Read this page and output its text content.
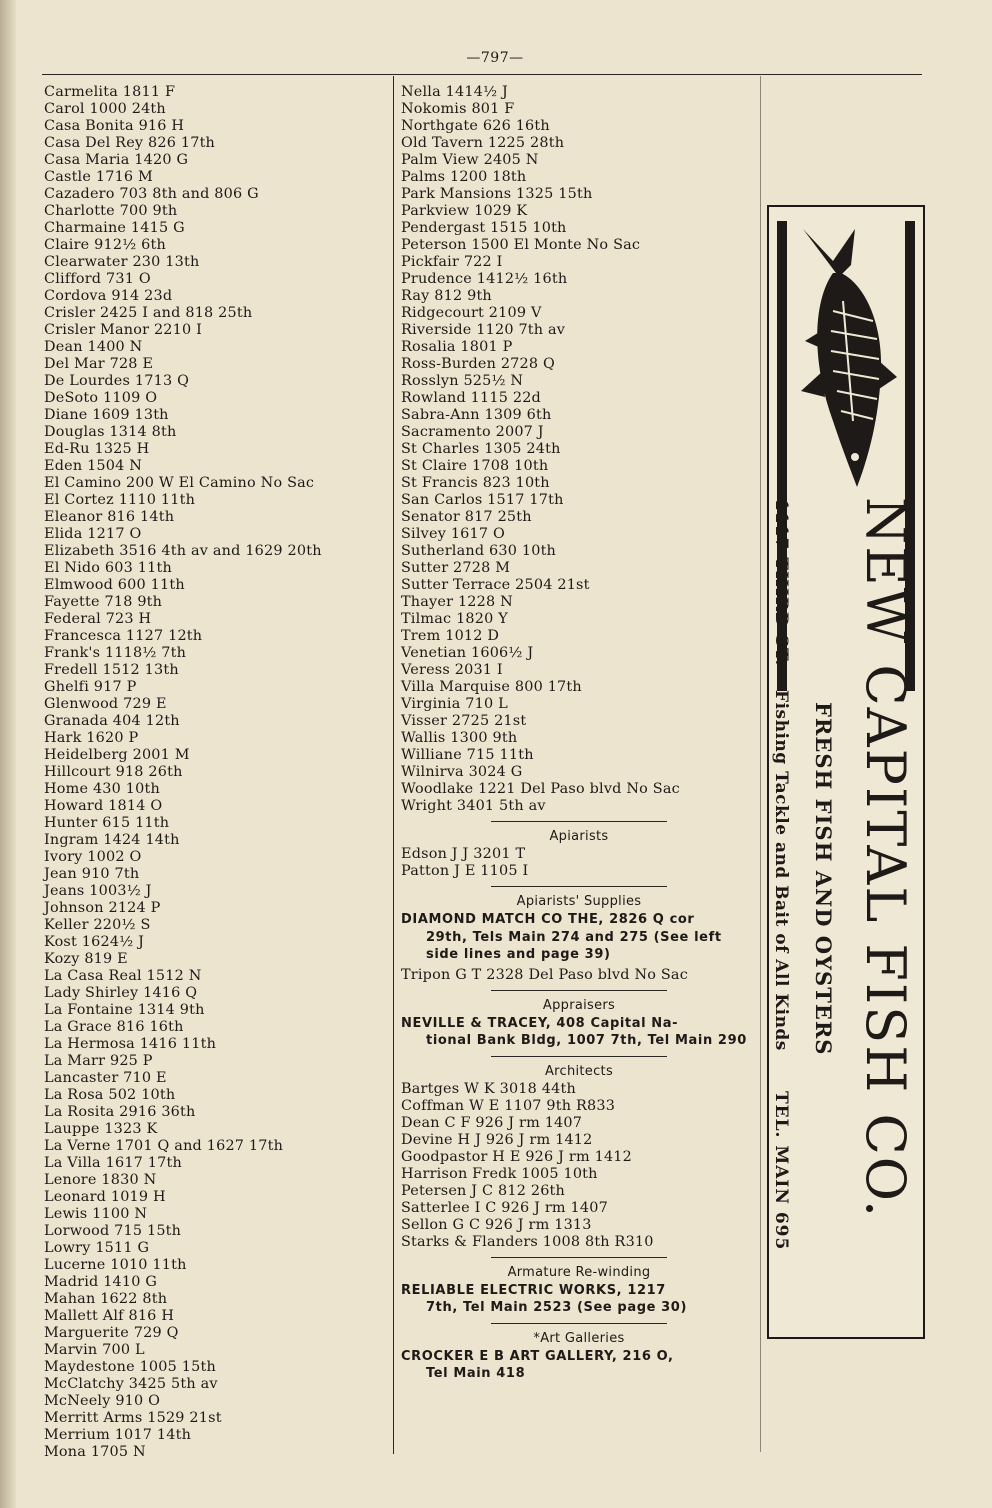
—797—
Carmelita 1811 F
Carol 1000 24th
Casa Bonita 916 H
Casa Del Rey 826 17th
Casa Maria 1420 G
Castle 1716 M
Cazadero 703 8th and 806 G
Charlotte 700 9th
Charmaine 1415 G
Claire 912½ 6th
Clearwater 230 13th
Clifford 731 O
Cordova 914 23d
Crisler 2425 I and 818 25th
Crisler Manor 2210 I
Dean 1400 N
Del Mar 728 E
De Lourdes 1713 Q
DeSoto 1109 O
Diane 1609 13th
Douglas 1314 8th
Ed-Ru 1325 H
Eden 1504 N
El Camino 200 W El Camino No Sac
El Cortez 1110 11th
Eleanor 816 14th
Elida 1217 O
Elizabeth 3516 4th av and 1629 20th
El Nido 603 11th
Elmwood 600 11th
Fayette 718 9th
Federal 723 H
Francesca 1127 12th
Frank's 1118½ 7th
Fredell 1512 13th
Ghelfi 917 P
Glenwood 729 E
Granada 404 12th
Hark 1620 P
Heidelberg 2001 M
Hillcourt 918 26th
Home 430 10th
Howard 1814 O
Hunter 615 11th
Ingram 1424 14th
Ivory 1002 O
Jean 910 7th
Jeans 1003½ J
Johnson 2124 P
Keller 220½ S
Kost 1624½ J
Kozy 819 E
La Casa Real 1512 N
Lady Shirley 1416 Q
La Fontaine 1314 9th
La Grace 816 16th
La Hermosa 1416 11th
La Marr 925 P
Lancaster 710 E
La Rosa 502 10th
La Rosita 2916 36th
Lauppe 1323 K
La Verne 1701 Q and 1627 17th
La Villa 1617 17th
Lenore 1830 N
Leonard 1019 H
Lewis 1100 N
Lorwood 715 15th
Lowry 1511 G
Lucerne 1010 11th
Madrid 1410 G
Mahan 1622 8th
Mallett Alf 816 H
Marguerite 729 Q
Marvin 700 L
Maydestone 1005 15th
McClatchy 3425 5th av
McNeely 910 O
Merritt Arms 1529 21st
Merrium 1017 14th
Mona 1705 N
Nella 1414½ J
Nokomis 801 F
Northgate 626 16th
Old Tavern 1225 28th
Palm View 2405 N
Palms 1200 18th
Park Mansions 1325 15th
Parkview 1029 K
Pendergast 1515 10th
Peterson 1500 El Monte No Sac
Pickfair 722 I
Prudence 1412½ 16th
Ray 812 9th
Ridgecourt 2109 V
Riverside 1120 7th av
Rosalia 1801 P
Ross-Burden 2728 Q
Rosslyn 525½ N
Rowland 1115 22d
Sabra-Ann 1309 6th
Sacramento 2007 J
St Charles 1305 24th
St Claire 1708 10th
St Francis 823 10th
San Carlos 1517 17th
Senator 817 25th
Silvey 1617 O
Sutherland 630 10th
Sutter 2728 M
Sutter Terrace 2504 21st
Thayer 1228 N
Tilmac 1820 Y
Trem 1012 D
Venetian 1606½ J
Veress 2031 I
Villa Marquise 800 17th
Virginia 710 L
Visser 2725 21st
Wallis 1300 9th
Williane 715 11th
Wilnirva 3024 G
Woodlake 1221 Del Paso blvd No Sac
Wright 3401 5th av
Apiarists
Edson J J 3201 T
Patton J E 1105 I
Apiarists' Supplies
DIAMOND MATCH CO THE, 2826 Q cor
29th, Tels Main 274 and 275 (See left side lines and page 39)
Tripon G T 2328 Del Paso blvd No Sac
Appraisers
NEVILLE & TRACEY, 408 Capital Na-
tional Bank Bldg, 1007 7th, Tel Main 290
Architects
Bartges W K 3018 44th
Coffman W E 1107 9th R833
Dean C F 926 J rm 1407
Devine H J 926 J rm 1412
Goodpastor H E 926 J rm 1412
Harrison Fredk 1005 10th
Petersen J C 812 26th
Satterlee I C 926 J rm 1407
Sellon G C 926 J rm 1313
Starks & Flanders 1008 8th R310
Armature Re-winding
RELIABLE ELECTRIC WORKS, 1217
7th, Tel Main 2523 (See page 30)
*Art Galleries
CROCKER E B ART GALLERY, 216 O,
Tel Main 418
NEW CAPITAL FISH CO.
FRESH FISH AND OYSTERS
1117 THIRD ST.
Fishing Tackle and Bait of All Kinds
TEL. MAIN 695
